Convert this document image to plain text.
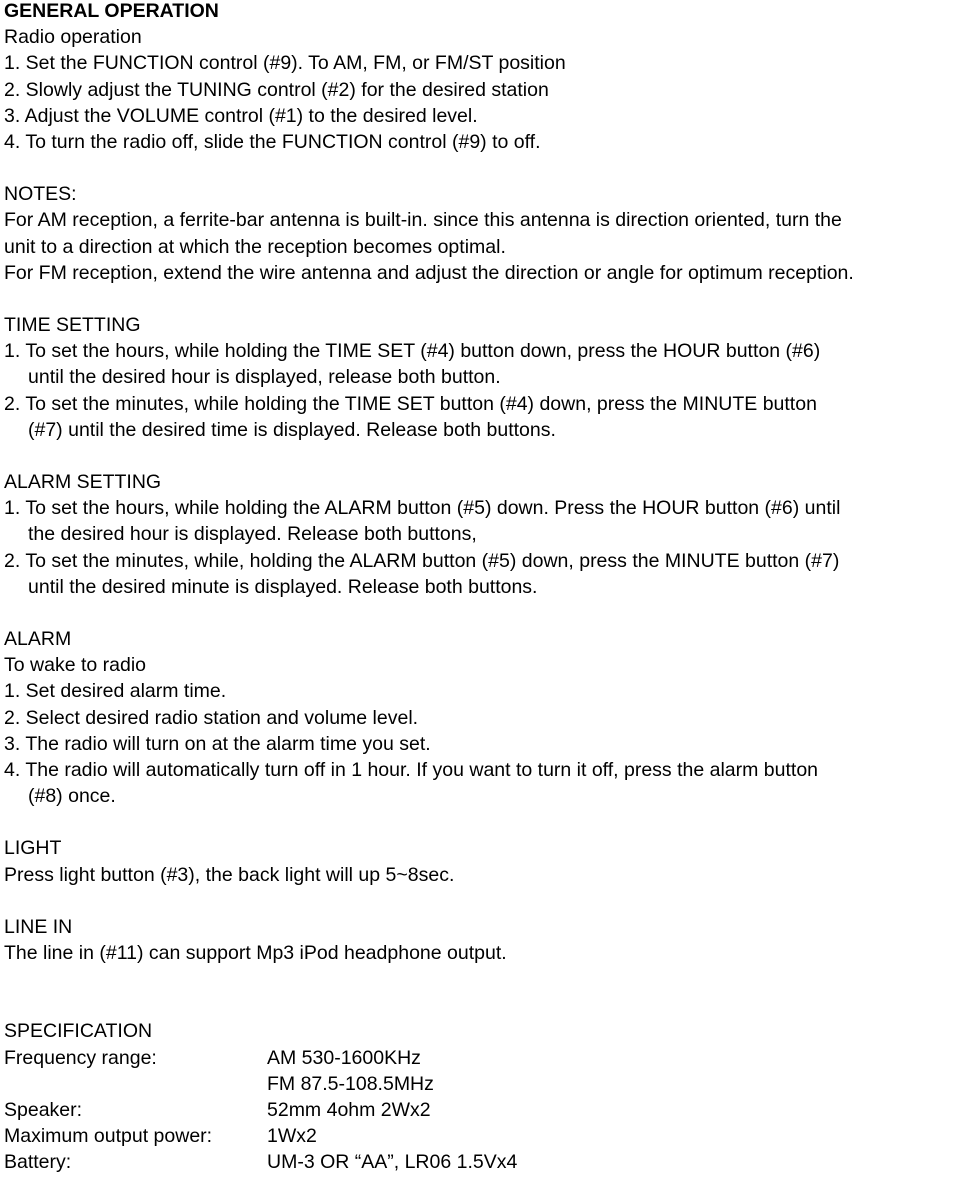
GENERAL OPERATION

Radio operation

1. Set the FUNCTION control (#9). To AM, FM, or FM/ST position

2. Slowly adjust the TUNING control (#2) for the desired station

3. Adjust the VOLUME control (#1) to the desired level.

4. To turn the radio off, slide the FUNCTION control (#9) to off.

NOTES:

For AM reception, a ferrite-bar antenna is built-in. since this antenna is direction oriented, turn the

unit to a direction at which the reception becomes optimal.

For FM reception, extend the wire antenna and adjust the direction or angle for optimum reception.

TIME SETTING

1. To set the hours, while holding the TIME SET (#4) button down, press the HOUR button (#6)
until the desired hour is displayed, release both button.
2. To set the minutes, while holding the TIME SET button (#4) down, press the MINUTE button
(#7) until the desired time is displayed. Release both buttons.

ALARM SETTING

1. To set the hours, while holding the ALARM button (#5) down. Press the HOUR button (#6) until
the desired hour is displayed. Release both buttons,
2. To set the minutes, while, holding the ALARM button (#5) down, press the MINUTE button (#7)
until the desired minute is displayed. Release both buttons.

ALARM

To wake to radio

1. Set desired alarm time.

2. Select desired radio station and volume level.

3. The radio will turn on at the alarm time you set.

4. The radio will automatically turn off in 1 hour. If you want to turn it off, press the alarm button
(#8) once.

LIGHT

Press light button (#3), the back light will up 5~8sec.

LINE IN

The line in (#11) can support Mp3 iPod headphone output.

SPECIFICATION

Frequency range:	AM 530-1600KHz
FM 87.5-108.5MHz
Speaker:	52mm 4ohm 2Wx2
Maximum output power:	1Wx2
Battery:	UM-3 OR “AA”, LR06 1.5Vx4
